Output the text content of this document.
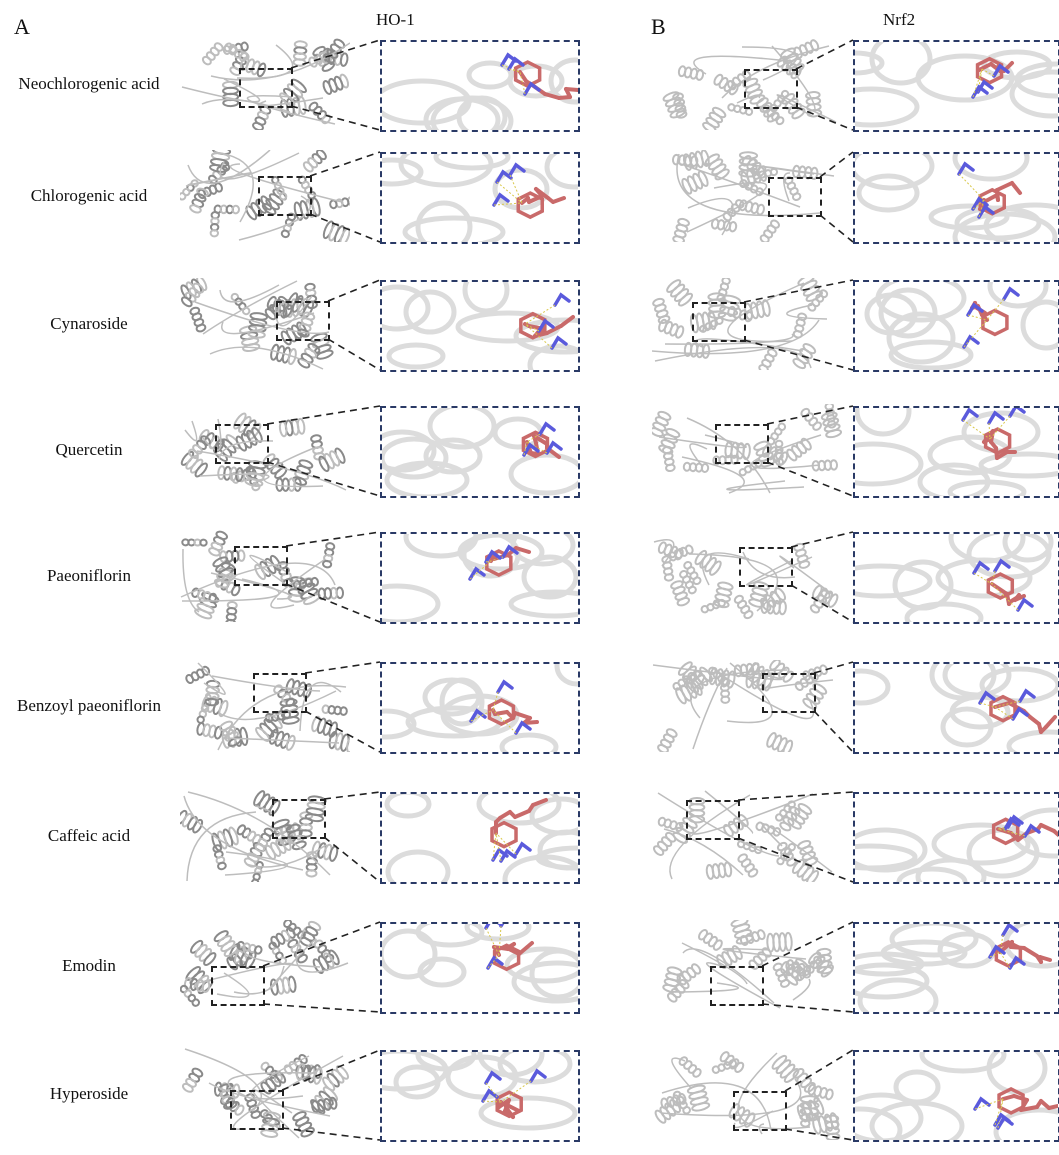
A	HO-1	B	Nrf2
Neochlorogenic acid
Chlorogenic acid
Cynaroside
Quercetin
Paeoniflorin
Benzoyl paeoniflorin
Caffeic acid
Emodin
Hyperoside
